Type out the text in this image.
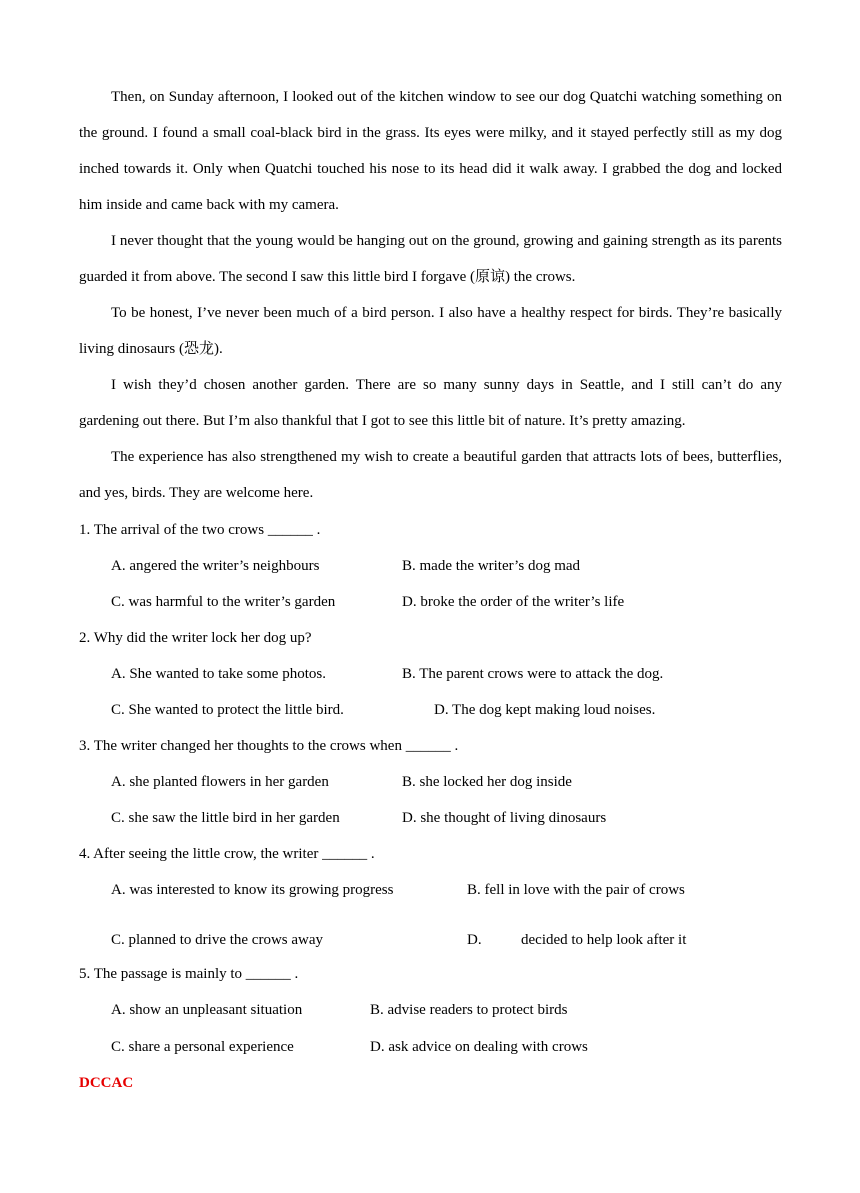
Then, on Sunday afternoon, I looked out of the kitchen window to see our dog Quatchi watching something on the ground. I found a small coal-black bird in the grass. Its eyes were milky, and it stayed perfectly still as my dog inched towards it. Only when Quatchi touched his nose to its head did it walk away. I grabbed the dog and locked him inside and came back with my camera.

I never thought that the young would be hanging out on the ground, growing and gaining strength as its parents guarded it from above. The second I saw this little bird I forgave (原谅) the crows.

To be honest, I’ve never been much of a bird person. I also have a healthy respect for birds. They’re basically living dinosaurs (恐龙).

I wish they’d chosen another garden. There are so many sunny days in Seattle, and I still can’t do any gardening out there. But I’m also thankful that I got to see this little bit of nature. It’s pretty amazing.

The experience has also strengthened my wish to create a beautiful garden that attracts lots of bees, butterflies, and yes, birds. They are welcome here.

1. The arrival of the two crows ______ .

A. angered the writer’s neighbours	B. made the writer’s dog mad
C. was harmful to the writer’s garden	D. broke the order of the writer’s life

2. Why did the writer lock her dog up?

A. She wanted to take some photos.	B. The parent crows were to attack the dog.
C. She wanted to protect the little bird.	D. The dog kept making loud noises.

3. The writer changed her thoughts to the crows when ______ .

A. she planted flowers in her garden	B. she locked her dog inside
C. she saw the little bird in her garden	D. she thought of living dinosaurs

4. After seeing the little crow, the writer ______ .

A. was interested to know its growing progress	B. fell in love with the pair of crows
C. planned to drive the crows away	D.	decided to help look after it

5. The passage is mainly to ______ .

A. show an unpleasant situation	B. advise readers to protect birds
C. share a personal experience	D. ask advice on dealing with crows
DCCAC
